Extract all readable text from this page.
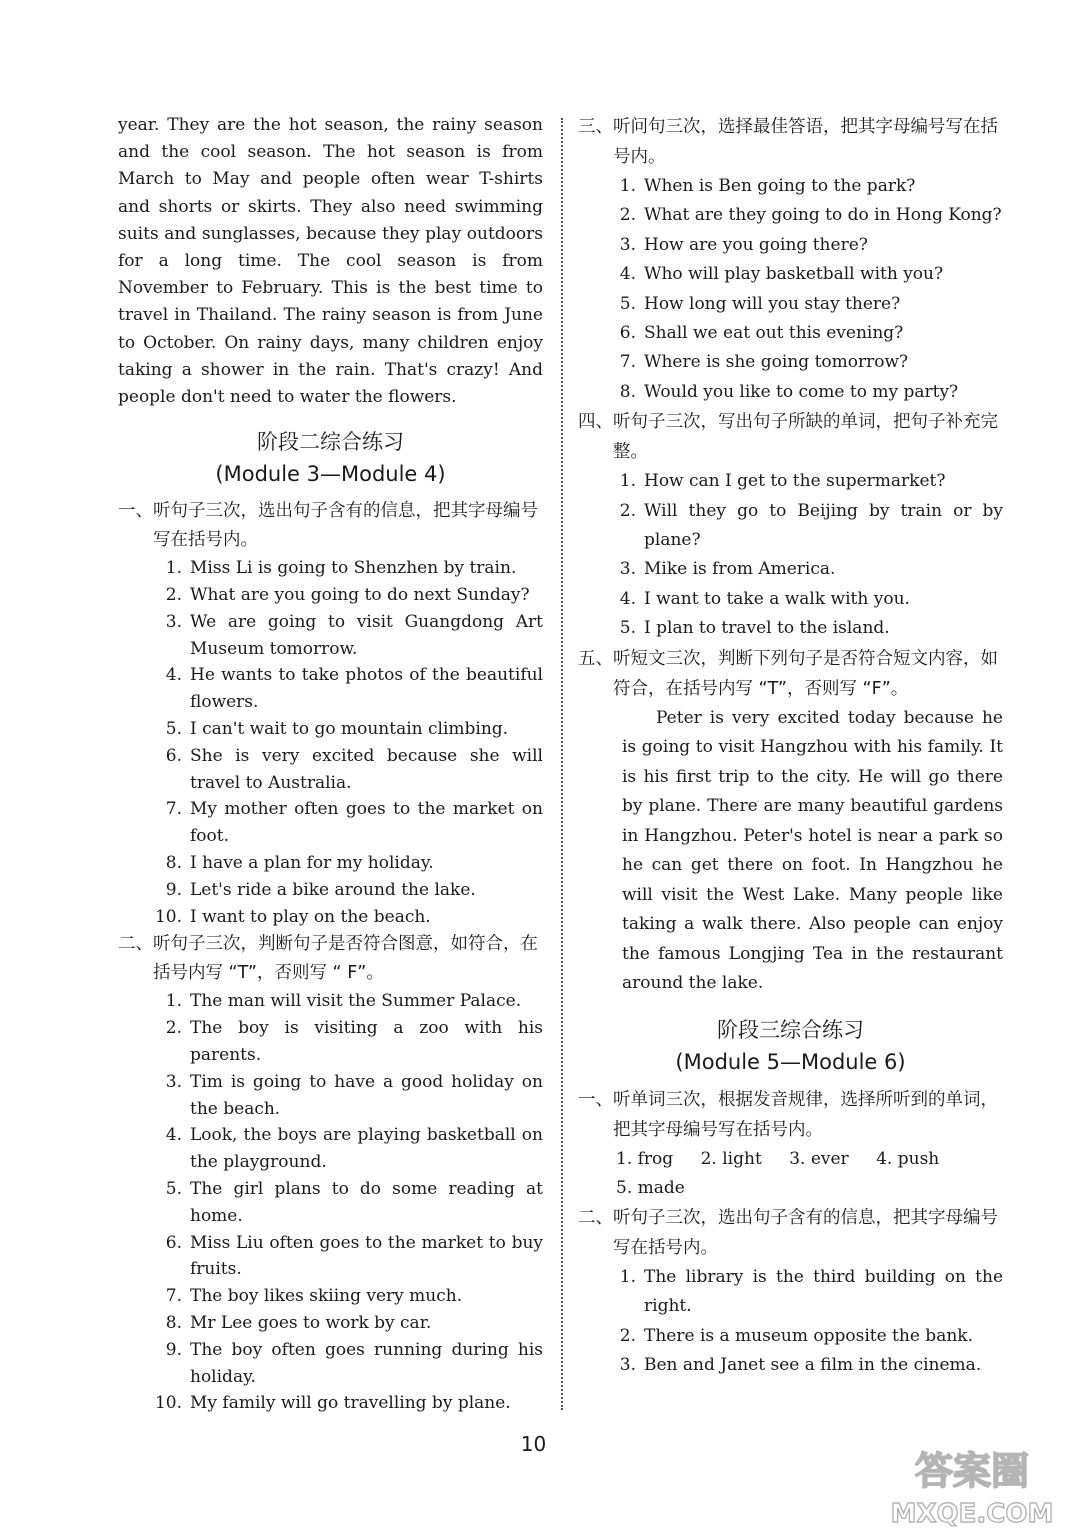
year. They are the hot season, the rainy season and the cool season. The hot season is from March to May and people often wear T-shirts and shorts or skirts. They also need swimming suits and sunglasses, because they play outdoors for a long time. The cool season is from November to February. This is the best time to travel in Thailand. The rainy season is from June to October. On rainy days, many children enjoy taking a shower in the rain. That's crazy! And people don't need to water the flowers.

阶段二综合练习
(Module 3—Module 4)
一、 听句子三次，选出句子含有的信息，把其字母编号写在括号内。
1. Miss Li is going to Shenzhen by train.
2. What are you going to do next Sunday?
3. We are going to visit Guangdong Art Museum tomorrow.
4. He wants to take photos of the beautiful flowers.
5. I can't wait to go mountain climbing.
6. She is very excited because she will travel to Australia.
7. My mother often goes to the market on foot.
8. I have a plan for my holiday.
9. Let's ride a bike around the lake.
10. I want to play on the beach.
二、 听句子三次，判断句子是否符合图意，如符合，在括号内写 “T”，否则写 “ F”。
1. The man will visit the Summer Palace.
2. The boy is visiting a zoo with his parents.
3. Tim is going to have a good holiday on the beach.
4. Look, the boys are playing basketball on the playground.
5. The girl plans to do some reading at home.
6. Miss Liu often goes to the market to buy fruits.
7. The boy likes skiing very much.
8. Mr Lee goes to work by car.
9. The boy often goes running during his holiday.
10. My family will go travelling by plane.
三、 听问句三次，选择最佳答语，把其字母编号写在括号内。
1. When is Ben going to the park?
2. What are they going to do in Hong Kong?
3. How are you going there?
4. Who will play basketball with you?
5. How long will you stay there?
6. Shall we eat out this evening?
7. Where is she going tomorrow?
8. Would you like to come to my party?
四、 听句子三次，写出句子所缺的单词，把句子补充完整。
1. How can I get to the supermarket?
2. Will they go to Beijing by train or by plane?
3. Mike is from America.
4. I want to take a walk with you.
5. I plan to travel to the island.
五、 听短文三次，判断下列句子是否符合短文内容，如符合，在括号内写 “T”，否则写 “F”。

Peter is very excited today because he is going to visit Hangzhou with his family. It is his first trip to the city. He will go there by plane. There are many beautiful gardens in Hangzhou. Peter's hotel is near a park so he can get there on foot. In Hangzhou he will visit the West Lake. Many people like taking a walk there. Also people can enjoy the famous Longjing Tea in the restaurant around the lake.

阶段三综合练习
(Module 5—Module 6)
一、 听单词三次，根据发音规律，选择所听到的单词，把其字母编号写在括号内。
1. frog 2. light 3. ever 4. push
5. made
二、 听句子三次，选出句子含有的信息，把其字母编号写在括号内。
1. The library is the third building on the right.
2. There is a museum opposite the bank.
3. Ben and Janet see a film in the cinema.
10
答案圈
MXQE.COM
